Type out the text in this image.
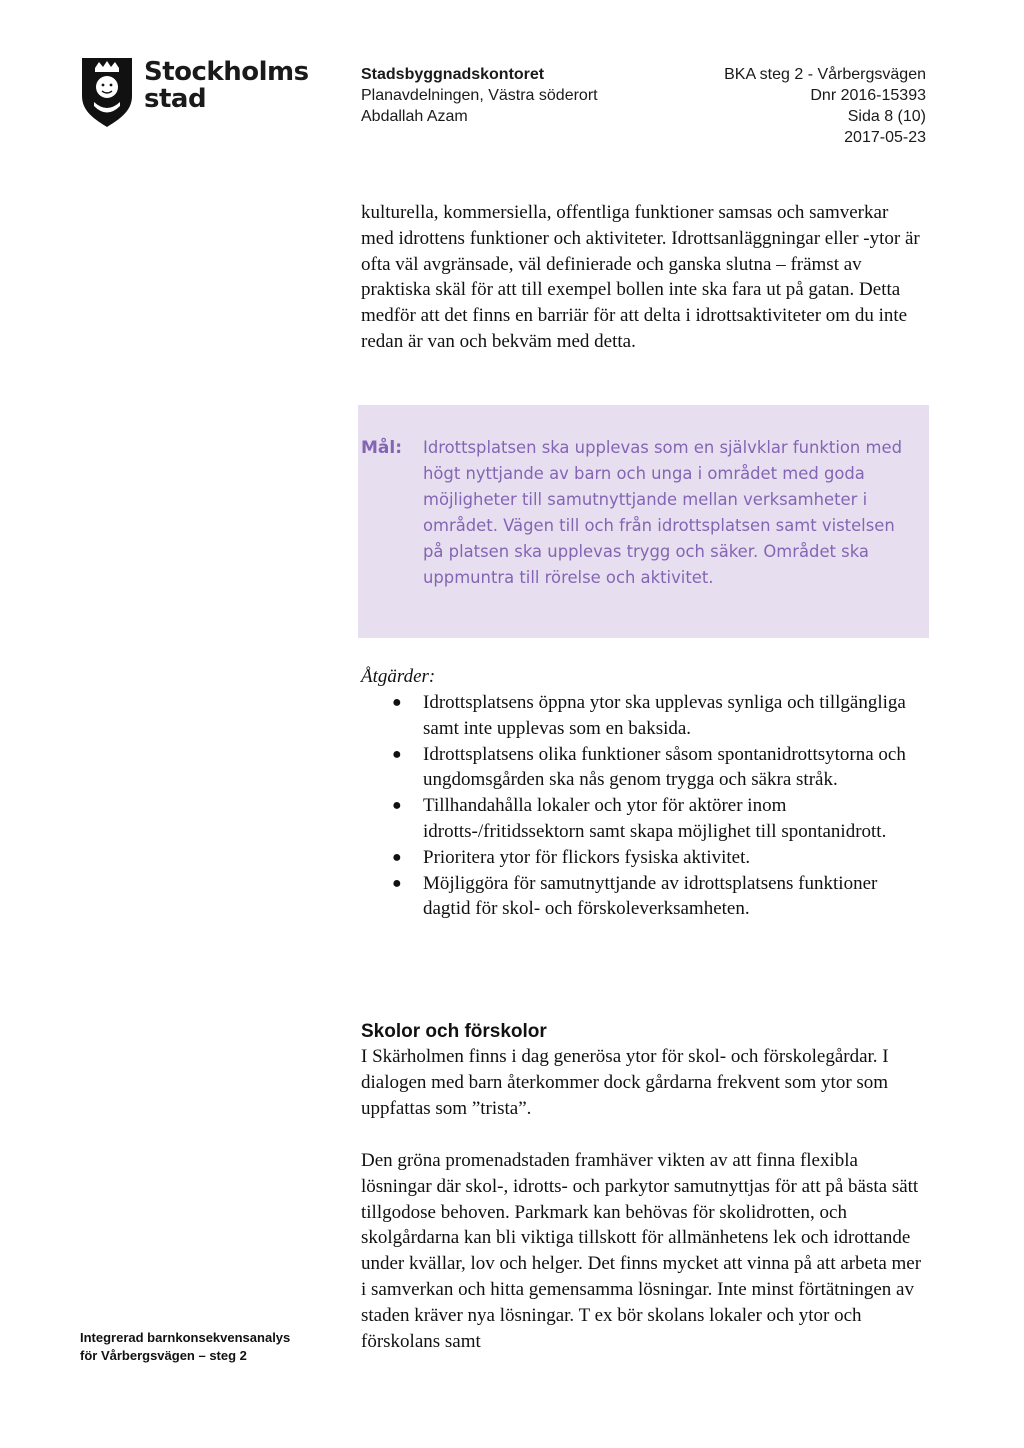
Stockholms
stad
Stadsbyggnadskontoret
Planavdelningen, Västra söderort
Abdallah Azam
BKA steg 2 - Vårbergsvägen
Dnr 2016-15393
Sida 8 (10)
2017-05-23

kulturella, kommersiella, offentliga funktioner samsas och samverkar med idrottens funktioner och aktiviteter. Idrottsanläggningar eller -ytor är ofta väl avgränsade, väl definierade och ganska slutna – främst av praktiska skäl för att till exempel bollen inte ska fara ut på gatan. Detta medför att det finns en barriär för att delta i idrottsaktiviteter om du inte redan är van och bekväm med detta.

Mål: Idrottsplatsen ska upplevas som en självklar funktion med högt nyttjande av barn och unga i området med goda möjligheter till samutnyttjande mellan verksamheter i området. Vägen till och från idrottsplatsen samt vistelsen på platsen ska upplevas trygg och säker. Området ska uppmuntra till rörelse och aktivitet.
Åtgärder:
● Idrottsplatsens öppna ytor ska upplevas synliga och tillgängliga samt inte upplevas som en baksida.
● Idrottsplatsens olika funktioner såsom spontanidrottsytorna och ungdomsgården ska nås genom trygga och säkra stråk.
● Tillhandahålla lokaler och ytor för aktörer inom idrotts-/fritidssektorn samt skapa möjlighet till spontanidrott.
● Prioritera ytor för flickors fysiska aktivitet.
● Möjliggöra för samutnyttjande av idrottsplatsens funktioner dagtid för skol- och förskoleverksamheten.
Skolor och förskolor

I Skärholmen finns i dag generösa ytor för skol- och förskolegårdar. I dialogen med barn återkommer dock gårdarna frekvent som ytor som uppfattas som ”trista”.

Den gröna promenadstaden framhäver vikten av att finna flexibla lösningar där skol-, idrotts- och parkytor samutnyttjas för att på bästa sätt tillgodose behoven. Parkmark kan behövas för skolidrotten, och skolgårdarna kan bli viktiga tillskott för allmänhetens lek och idrottande under kvällar, lov och helger. Det finns mycket att vinna på att arbeta mer i samverkan och hitta gemensamma lösningar. Inte minst förtätningen av staden kräver nya lösningar. T ex bör skolans lokaler och ytor och förskolans samt

Integrerad barnkonsekvensanalys
för Vårbergsvägen – steg 2
